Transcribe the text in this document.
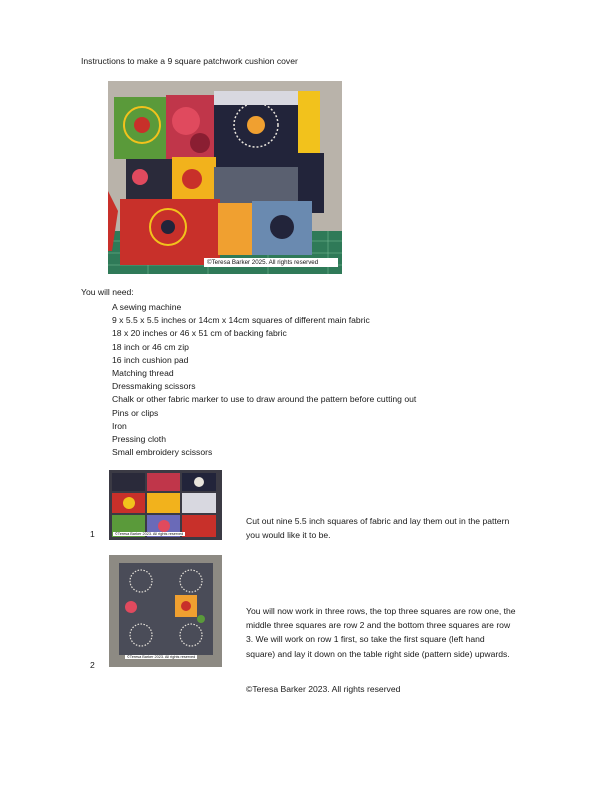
Instructions to make a 9 square patchwork cushion cover
©Teresa Barker 2025. All rights reserved
You will need:
A sewing machine
9 x 5.5 x 5.5 inches or 14cm x 14cm squares of different main fabric
18 x 20 inches or 46 x 51 cm of backing fabric
18 inch or 46 cm zip
16 inch cushion pad
Matching thread
Dressmaking scissors
Chalk or other fabric marker to use to draw around the pattern before cutting out
Pins or clips
Iron
Pressing cloth
Small embroidery scissors
©Teresa Barker 2023. All rights reserved
1

Cut out nine 5.5 inch squares of fabric and lay them out in the pattern you would like it to be.

©Teresa Barker 2023. All rights reserved
2

You will now work in three rows, the top three squares are row one, the middle three squares are row 2 and the bottom three squares are row 3. We will work on row 1 first, so take the first square (left hand square) and lay it down on the table right side (pattern side) upwards.

©Teresa Barker 2023. All rights reserved
